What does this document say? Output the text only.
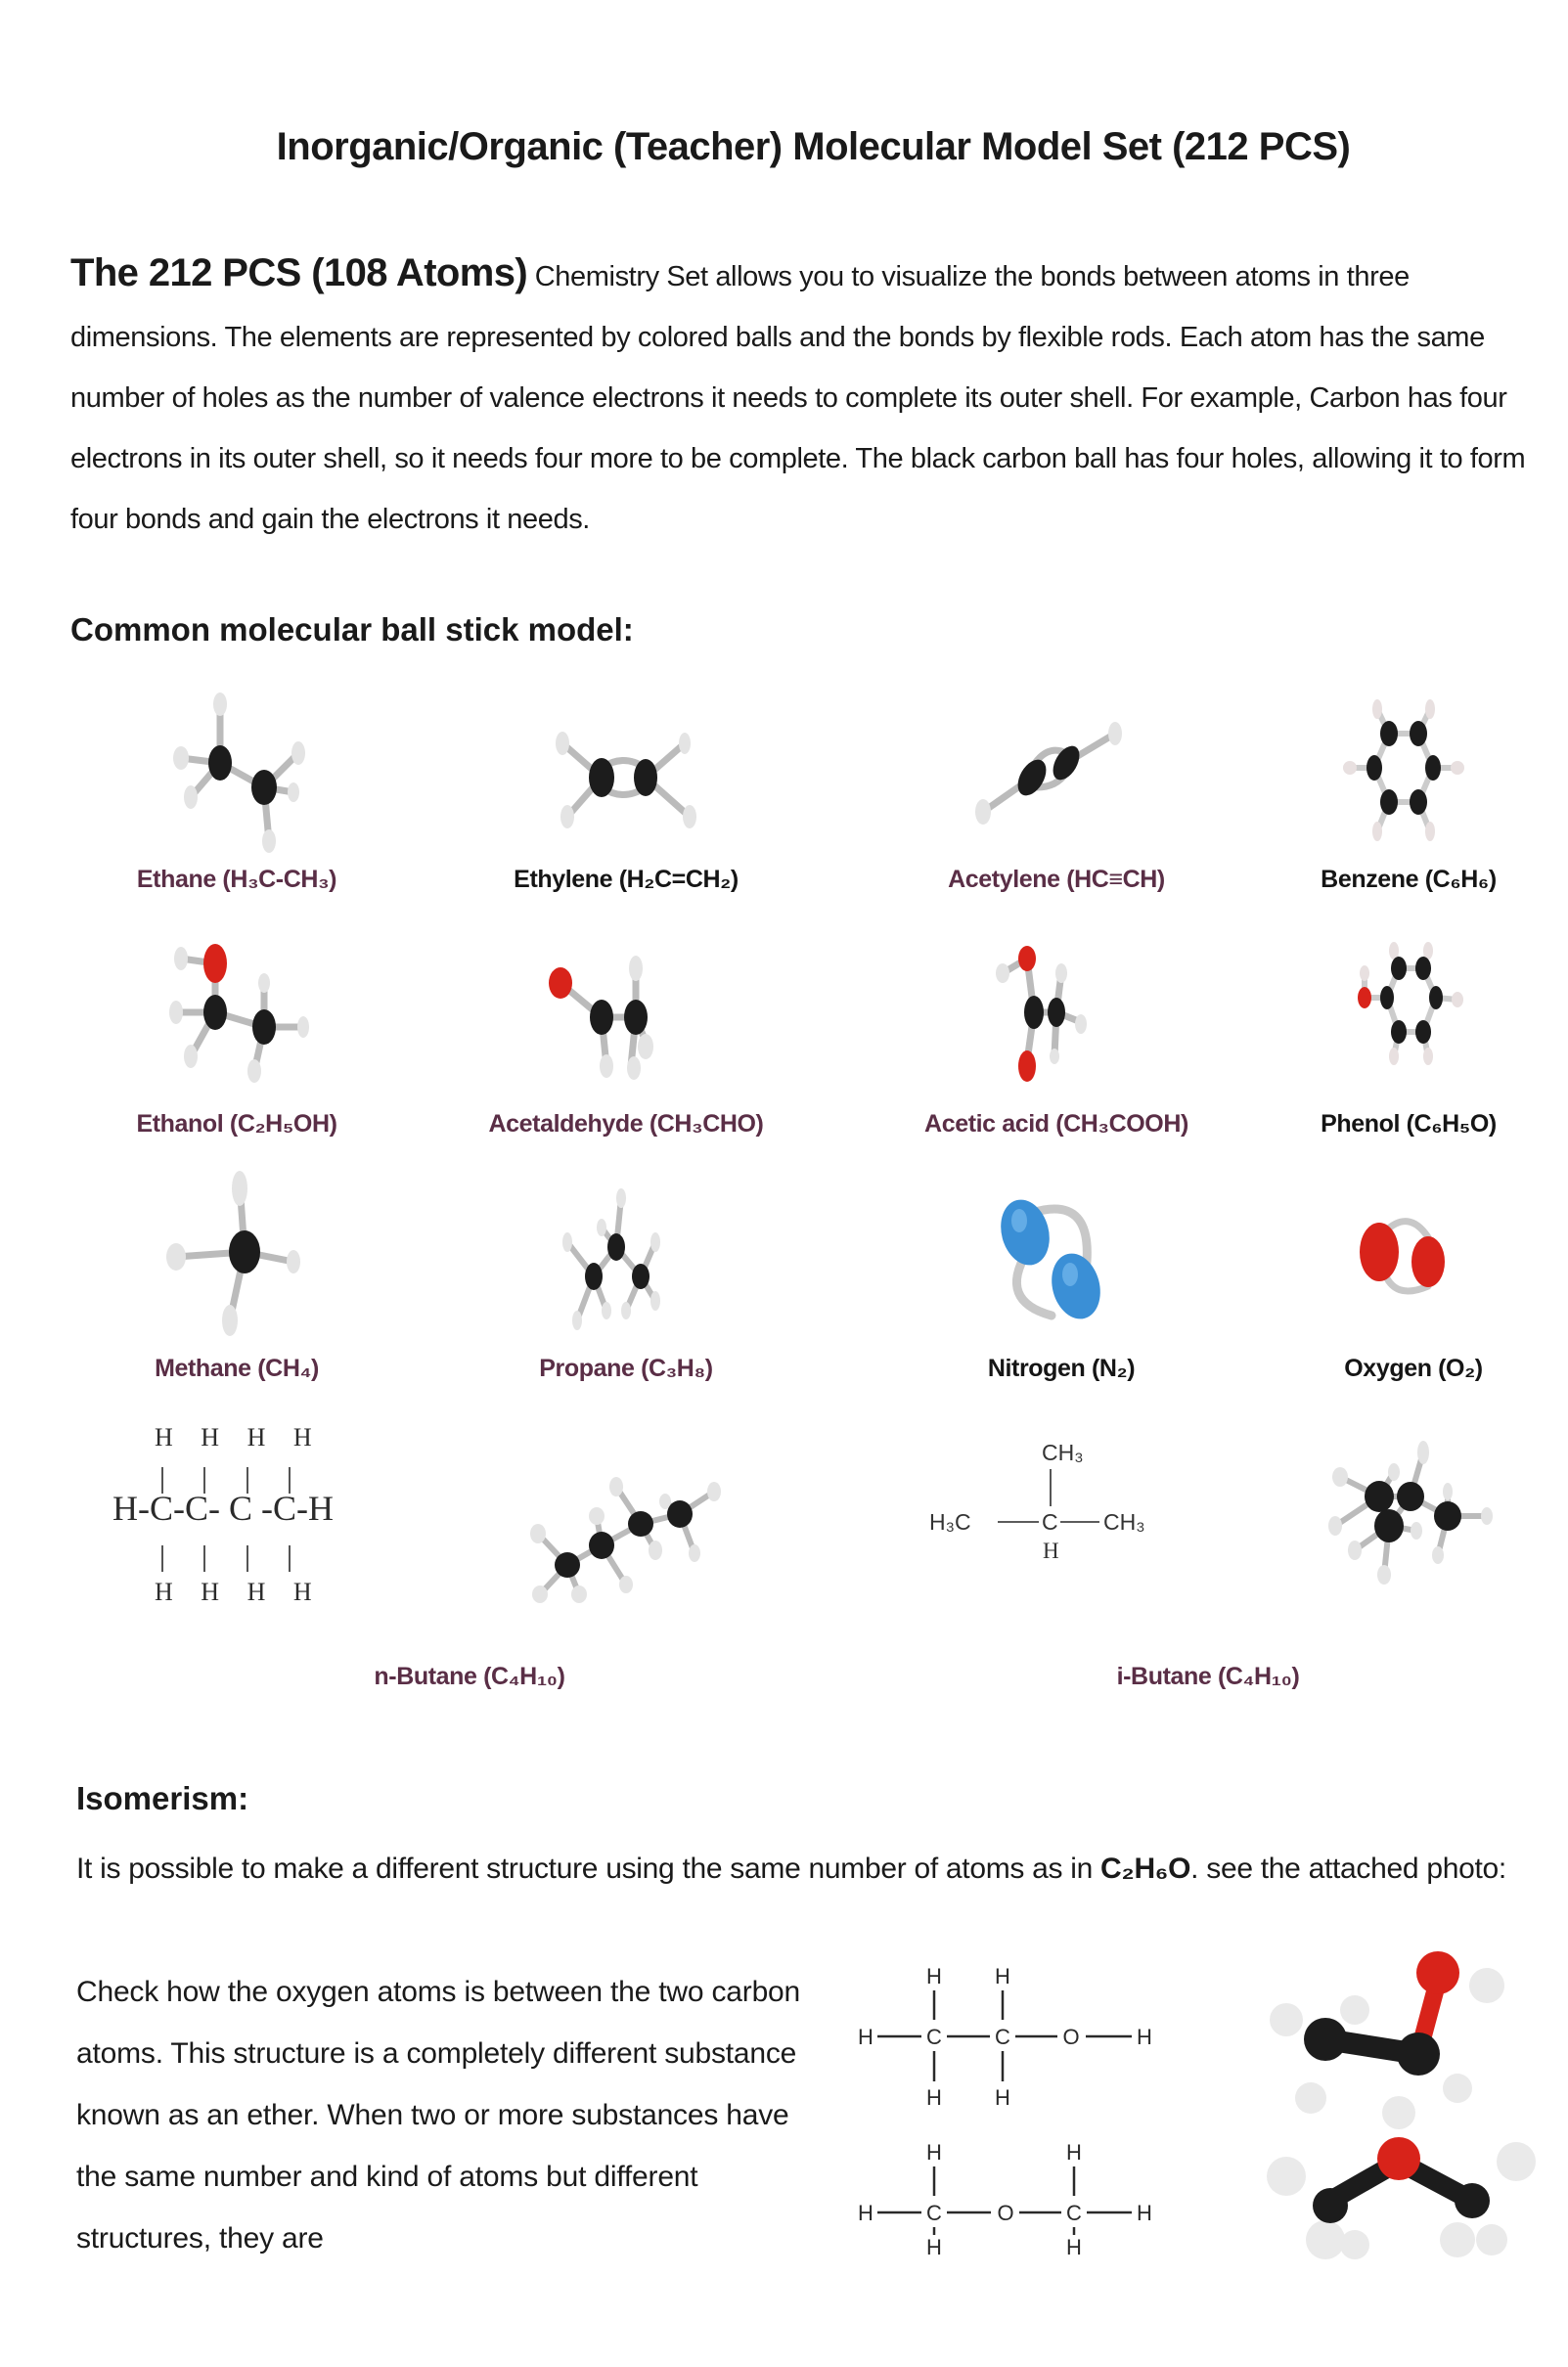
Inorganic/Organic (Teacher) Molecular Model Set (212 PCS)
The 212 PCS (108 Atoms) Chemistry Set allows you to visualize the bonds between atoms in three dimensions. The elements are represented by colored balls and the bonds by flexible rods. Each atom has the same number of holes as the number of valence electrons it needs to complete its outer shell. For example, Carbon has four electrons in its outer shell, so it needs four more to be complete. The black carbon ball has four holes, allowing it to form four bonds and gain the electrons it needs.
Common molecular ball stick model:
H H H H
H-C-C- C -C-H
H H H H
CH₃
H₃C	C CH₃
H
Ethane (H₃C-CH₃)	Ethylene (H₂C=CH₂)	Acetylene (HC≡CH)	Benzene (C₆H₆)
Ethanol (C₂H₅OH)	Acetaldehyde (CH₃CHO)	Acetic acid (CH₃COOH)	Phenol (C₆H₅O)
Methane (CH₄)	Propane (C₃H₈)	Nitrogen (N₂)	Oxygen (O₂)
n-Butane (C₄H₁₀)	i-Butane (C₄H₁₀)
Isomerism:
It is possible to make a different structure using the same number of atoms as in C₂H₆O. see the attached photo:
Check how the oxygen atoms is between the two carbon atoms. This structure is a completely different substance known as an ether. When two or more substances have the same number and kind of atoms but different structures, they are
H H
H C C O	H
H H
H	H
H C	O C	H
H	H
